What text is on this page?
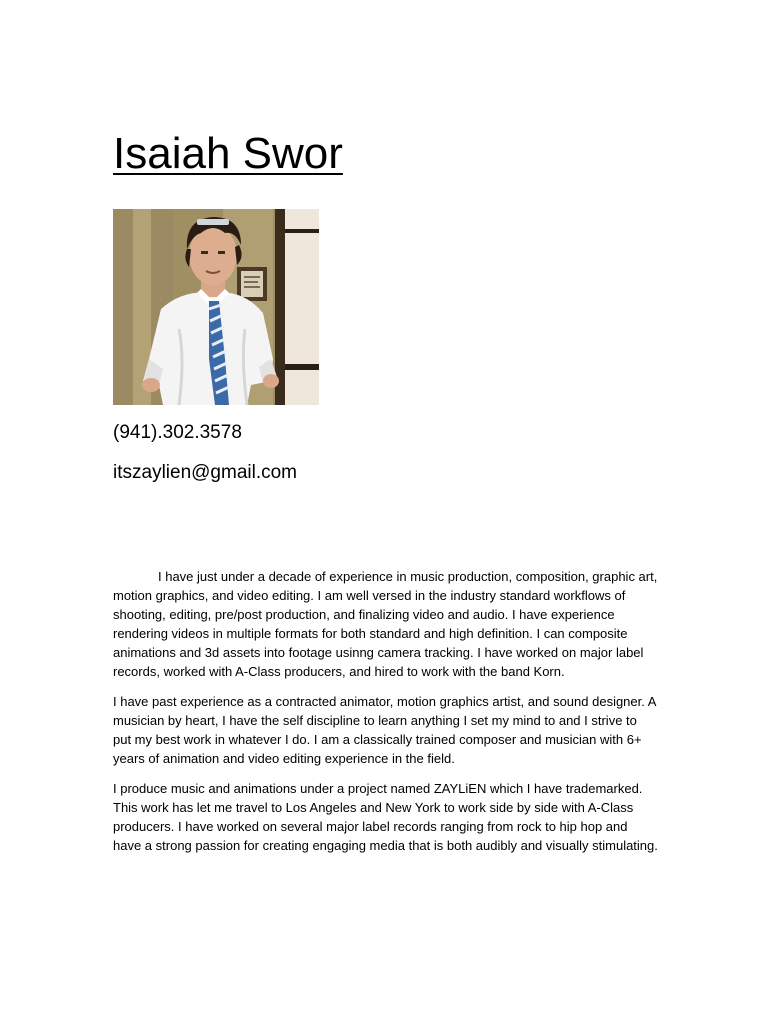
Isaiah Swor
(941).302.3578
itszaylien@gmail.com

I have just under a decade of experience in music production, composition, graphic art, motion graphics, and video editing. I am well versed in the industry standard workflows of shooting, editing, pre/post production, and finalizing video and audio. I have experience rendering videos in multiple formats for both standard and high definition. I can composite animations and 3d assets into footage usinng camera tracking. I have worked on major label records, worked with A-Class producers, and hired to work with the band Korn.

I have past experience as a contracted animator, motion graphics artist, and sound designer. A musician by heart, I have the self discipline to learn anything I set my mind to and I strive to put my best work in whatever I do. I am a classically trained composer and musician with 6+ years of animation and video editing experience in the field.

I produce music and animations under a project named ZAYLiEN which I have trademarked. This work has let me travel to Los Angeles and New York to work side by side with A-Class producers. I have worked on several major label records ranging from rock to hip hop and have a strong passion for creating engaging media that is both audibly and visually stimulating.
